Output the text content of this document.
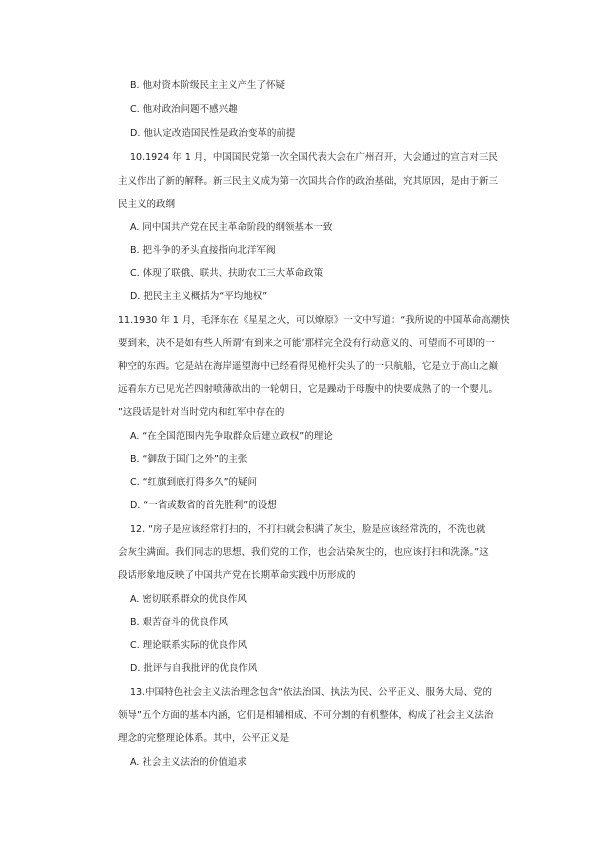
B. 他对资本阶级民主主义产生了怀疑
C. 他对政治问题不感兴趣
D. 他认定改造国民性是政治变革的前提
10.1924 年 1 月，中国国民党第一次全国代表大会在广州召开，大会通过的宣言对三民
主义作出了新的解释。新三民主义成为第一次国共合作的政治基础，究其原因，是由于新三
民主义的政纲
A. 同中国共产党在民主革命阶段的纲领基本一致
B. 把斗争的矛头直接指向北洋军阀
C. 体现了联俄、联共、扶助农工三大革命政策
D. 把民主主义概括为“平均地权”
11.1930 年 1 月，毛泽东在《星星之火，可以燎原》一文中写道：“我所说的中国革命高潮快
要到来，决不是如有些人所谓‘有到来之可能’那样完全没有行动意义的、可望而不可即的一
种空的东西。它是站在海岸遥望海中已经看得见桅杆尖头了的一只航船，它是立于高山之巅
远看东方已见光芒四射喷薄欲出的一轮朝日，它是躁动于母腹中的快要成熟了的一个婴儿。
”这段话是针对当时党内和红军中存在的
A. “在全国范围内先争取群众后建立政权”的理论
B. “御敌于国门之外”的主张
C. “红旗到底打得多久”的疑问
D. “一省或数省的首先胜利”的设想
12. “房子是应该经常打扫的，不打扫就会积满了灰尘，脸是应该经常洗的，不洗也就
会灰尘满面。我们同志的思想、我们党的工作，也会沾染灰尘的，也应该打扫和洗涤。”这
段话形象地反映了中国共产党在长期革命实践中历形成的
A. 密切联系群众的优良作风
B. 艰苦奋斗的优良作风
C. 理论联系实际的优良作风
D. 批评与自我批评的优良作风
13.中国特色社会主义法治理念包含“依法治国、执法为民、公平正义、服务大局、党的
领导”五个方面的基本内涵，它们是相辅相成、不可分割的有机整体，构成了社会主义法治
理念的完整理论体系。其中，公平正义是
A. 社会主义法治的价值追求
